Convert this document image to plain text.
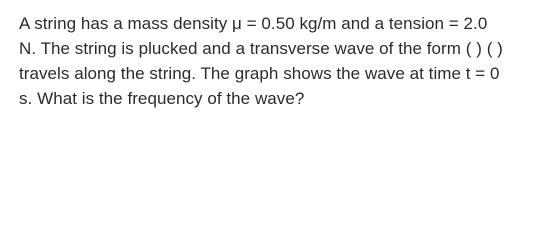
A string has a mass density μ = 0.50 kg/m and a tension = 2.0
N. The string is plucked and a transverse wave of the form ( ) ( )
travels along the string. The graph shows the wave at time t = 0
s. What is the frequency of the wave?
